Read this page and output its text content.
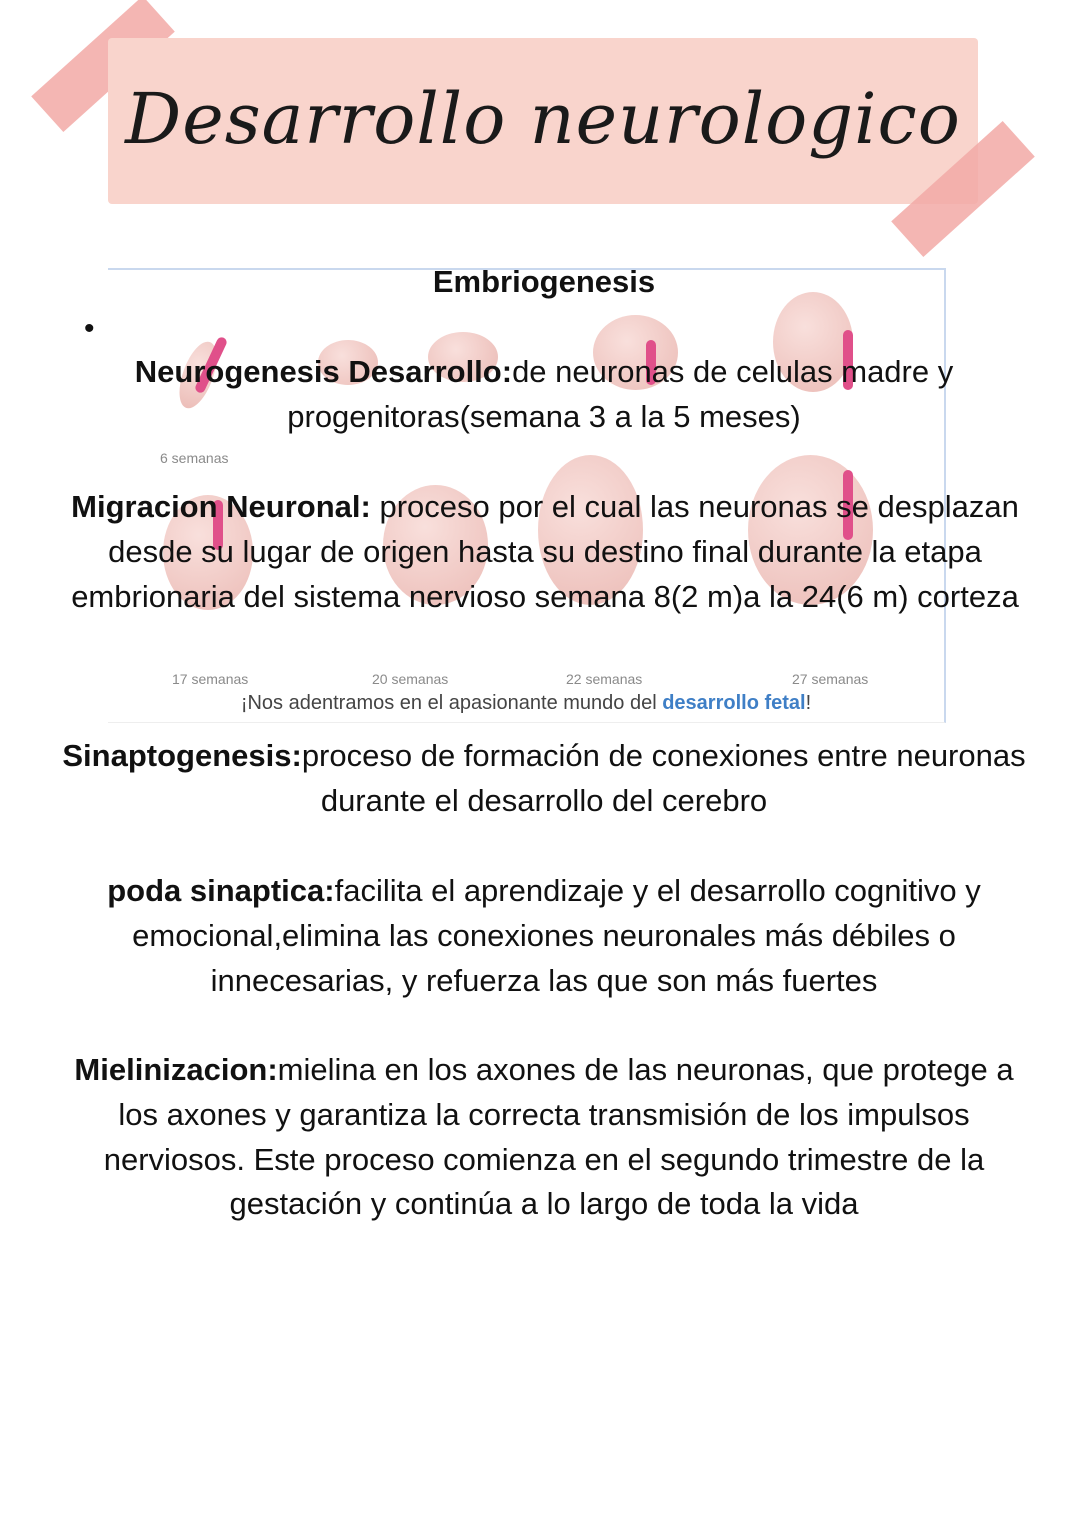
Desarrollo neurologico
6 semanas
17 semanas	20 semanas	22 semanas	27 semanas
¡Nos adentramos en el apasionante mundo del desarrollo fetal!
Embriogenesis
•
Neurogenesis Desarrollo:de neuronas de celulas madre y progenitoras(semana 3 a la 5 meses)
Migracion Neuronal: proceso por el cual las neuronas se desplazan desde su lugar de origen hasta su destino final durante la etapa embrionaria del sistema nervioso semana 8(2 m)a la 24(6 m) corteza
Sinaptogenesis:proceso de formación de conexiones entre neuronas durante el desarrollo del cerebro
poda sinaptica:facilita el aprendizaje y el desarrollo cognitivo y emocional,elimina las conexiones neuronales más débiles o innecesarias, y refuerza las que son más fuertes
Mielinizacion:mielina en los axones de las neuronas, que protege a los axones y garantiza la correcta transmisión de los impulsos nerviosos. Este proceso comienza en el segundo trimestre de la gestación y continúa a lo largo de toda la vida
